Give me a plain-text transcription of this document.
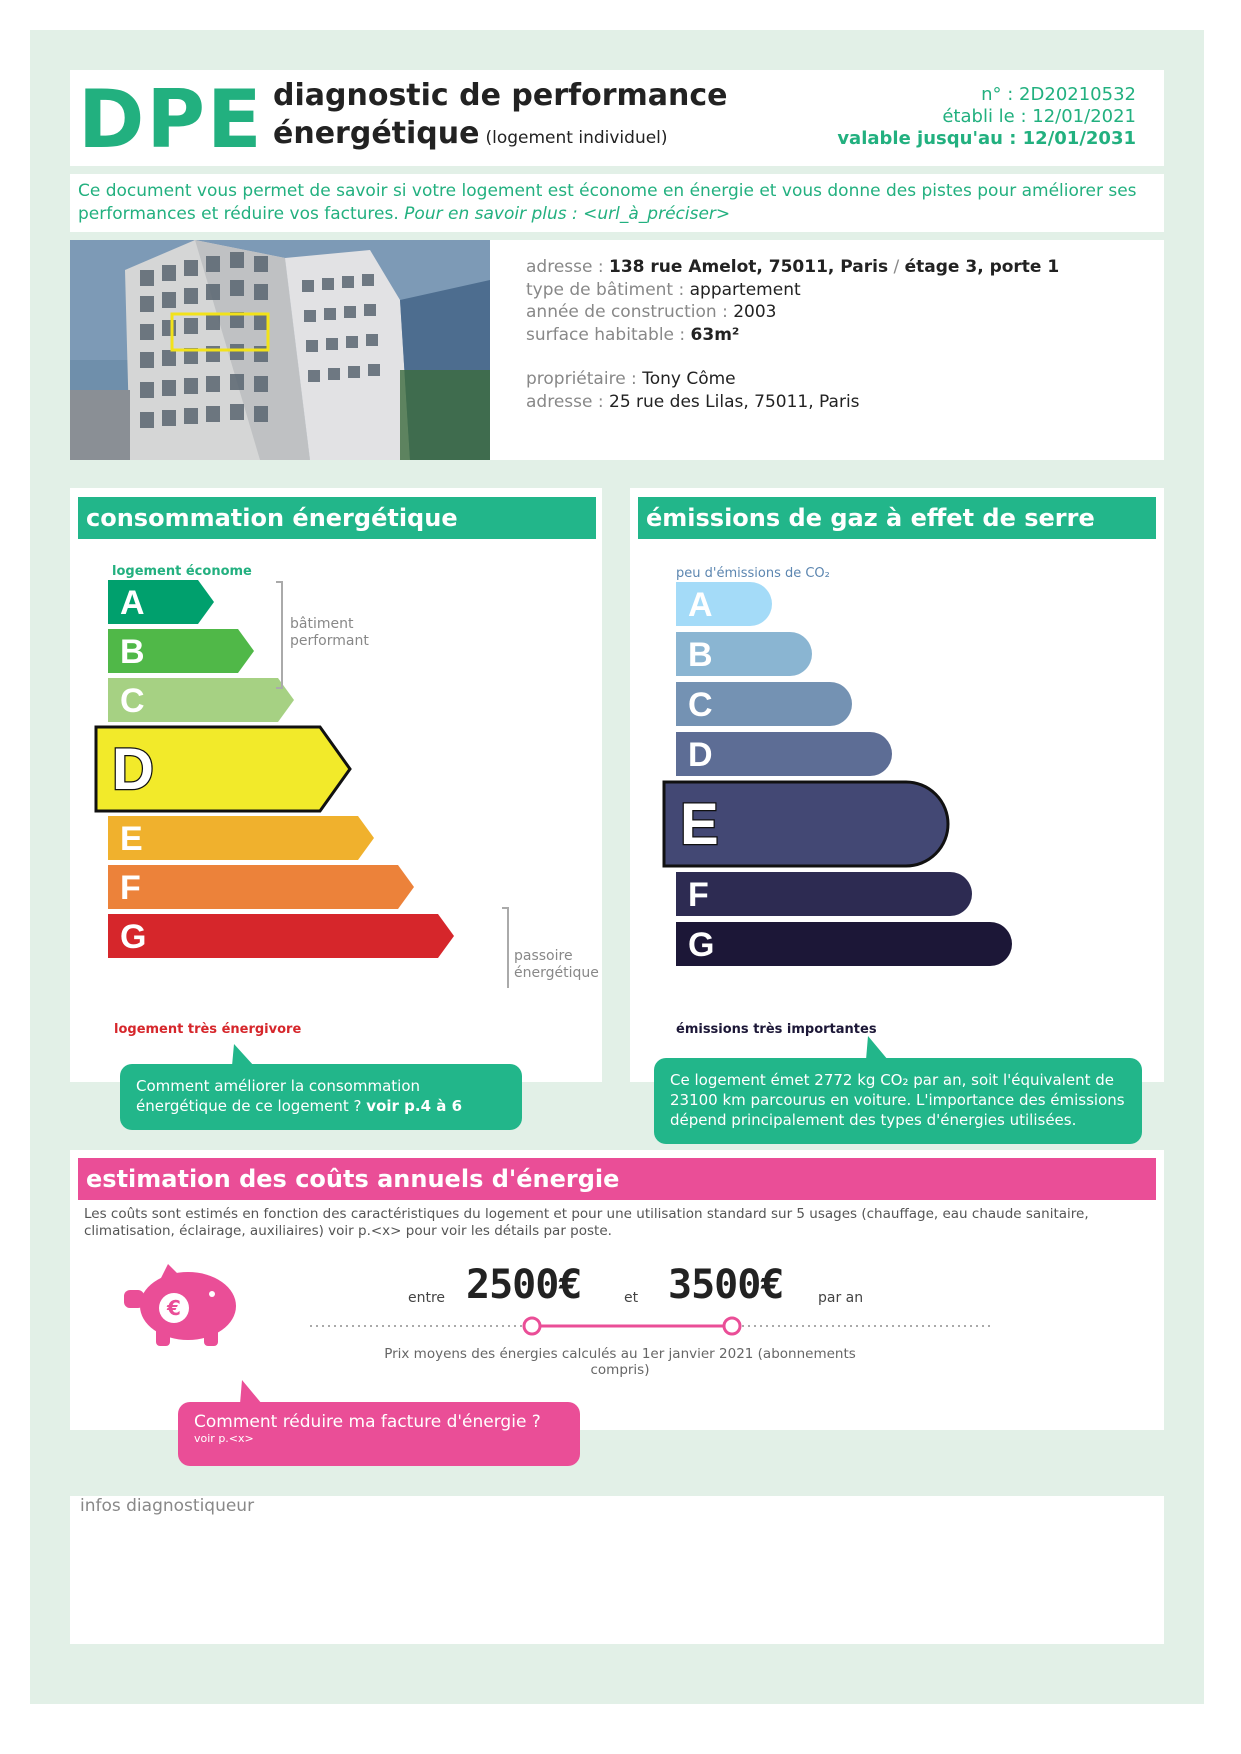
DPE diagnostic de performance
énergétique (logement individuel)
n° : 2D20210532
établi le : 12/01/2021
valable jusqu'au : 12/01/2031
Ce document vous permet de savoir si votre logement est économe en énergie et vous donne des pistes pour améliorer ses performances et réduire vos factures. Pour en savoir plus : <url_à_préciser>
adresse : 138 rue Amelot, 75011, Paris / étage 3, porte 1
type de bâtiment : appartement
année de construction : 2003
surface habitable : 63m²
propriétaire : Tony Côme
adresse : 25 rue des Lilas, 75011, Paris
consommation énergétique
logement économe
A
B
C
D
E
F
G
bâtiment
performant
passoire
énergétique
logement très énergivore
Comment améliorer la consommation énergétique de ce logement ? voir p.4 à 6
émissions de gaz à effet de serre
peu d'émissions de CO₂
A
B
C
D
E
F
G
émissions très importantes
Ce logement émet 2772 kg CO₂ par an, soit l'équivalent de 23100 km parcourus en voiture. L'importance des émissions dépend principalement des types d'énergies utilisées.
estimation des coûts annuels d'énergie
Les coûts sont estimés en fonction des caractéristiques du logement et pour une utilisation standard sur 5 usages (chauffage, eau chaude sanitaire, climatisation, éclairage, auxiliaires) voir p.<x> pour voir les détails par poste.
€	entre 2500€	et 3500€ par an
Prix moyens des énergies calculés au 1er janvier 2021 (abonnements compris)
Comment réduire ma facture d'énergie ?
voir p.<x>
infos diagnostiqueur
